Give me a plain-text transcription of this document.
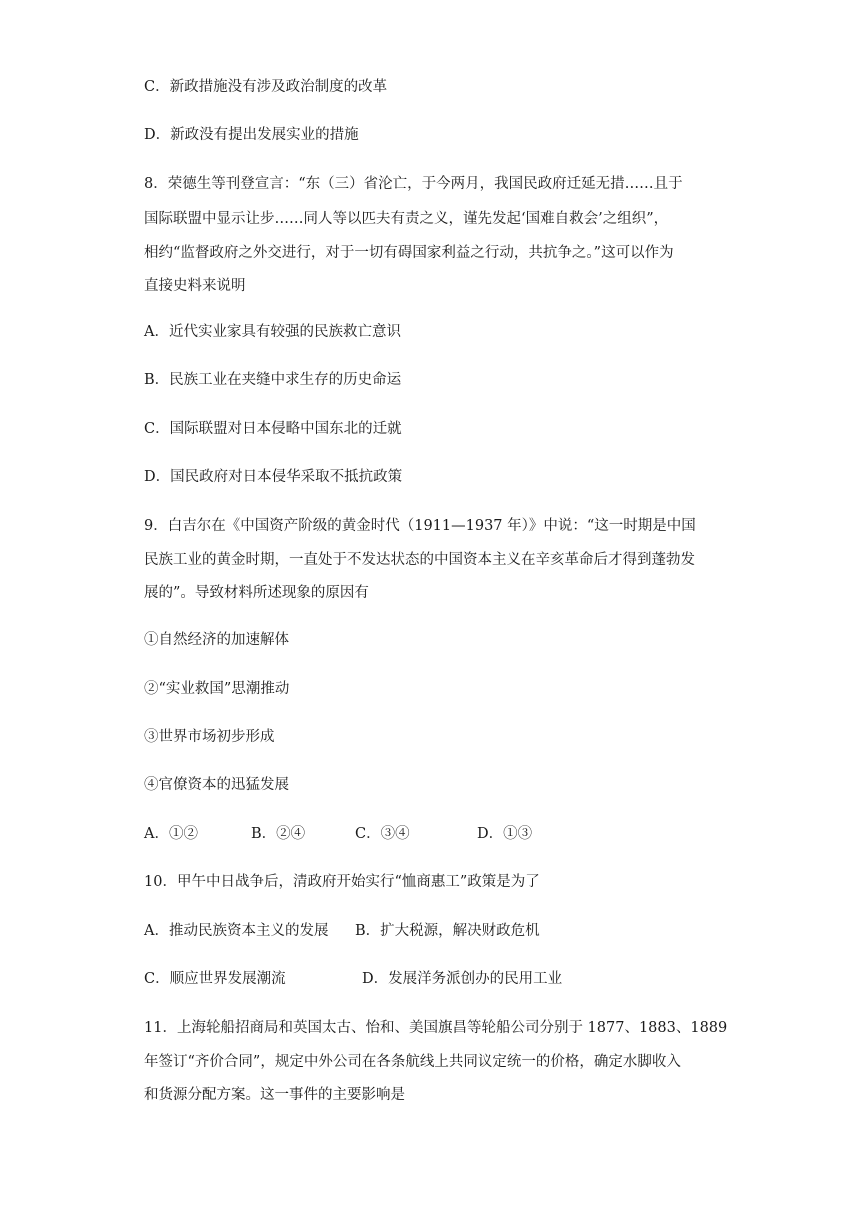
C．新政措施没有涉及政治制度的改革
D．新政没有提出发展实业的措施
8．荣德生等刊登宣言：“东（三）省沦亡，于今两月，我国民政府迁延无措……且于
国际联盟中显示让步……同人等以匹夫有责之义，谨先发起‘国难自救会’之组织”，
相约“监督政府之外交进行，对于一切有碍国家利益之行动，共抗争之。”这可以作为
直接史料来说明
A．近代实业家具有较强的民族救亡意识
B．民族工业在夹缝中求生存的历史命运
C．国际联盟对日本侵略中国东北的迁就
D．国民政府对日本侵华采取不抵抗政策
9．白吉尔在《中国资产阶级的黄金时代（1911—1937 年）》中说：“这一时期是中国
民族工业的黄金时期，一直处于不发达状态的中国资本主义在辛亥革命后才得到蓬勃发
展的”。导致材料所述现象的原因有
①自然经济的加速解体
②“实业救国”思潮推动
③世界市场初步形成
④官僚资本的迅猛发展
A．①②	B．②④	C．③④	D．①③
10．甲午中日战争后，清政府开始实行“恤商惠工”政策是为了
A．推动民族资本主义的发展 B．扩大税源，解决财政危机
C．顺应世界发展潮流	D．发展洋务派创办的民用工业
11．上海轮船招商局和英国太古、怡和、美国旗昌等轮船公司分别于 1877、1883、1889
年签订“齐价合同”，规定中外公司在各条航线上共同议定统一的价格，确定水脚收入
和货源分配方案。这一事件的主要影响是
